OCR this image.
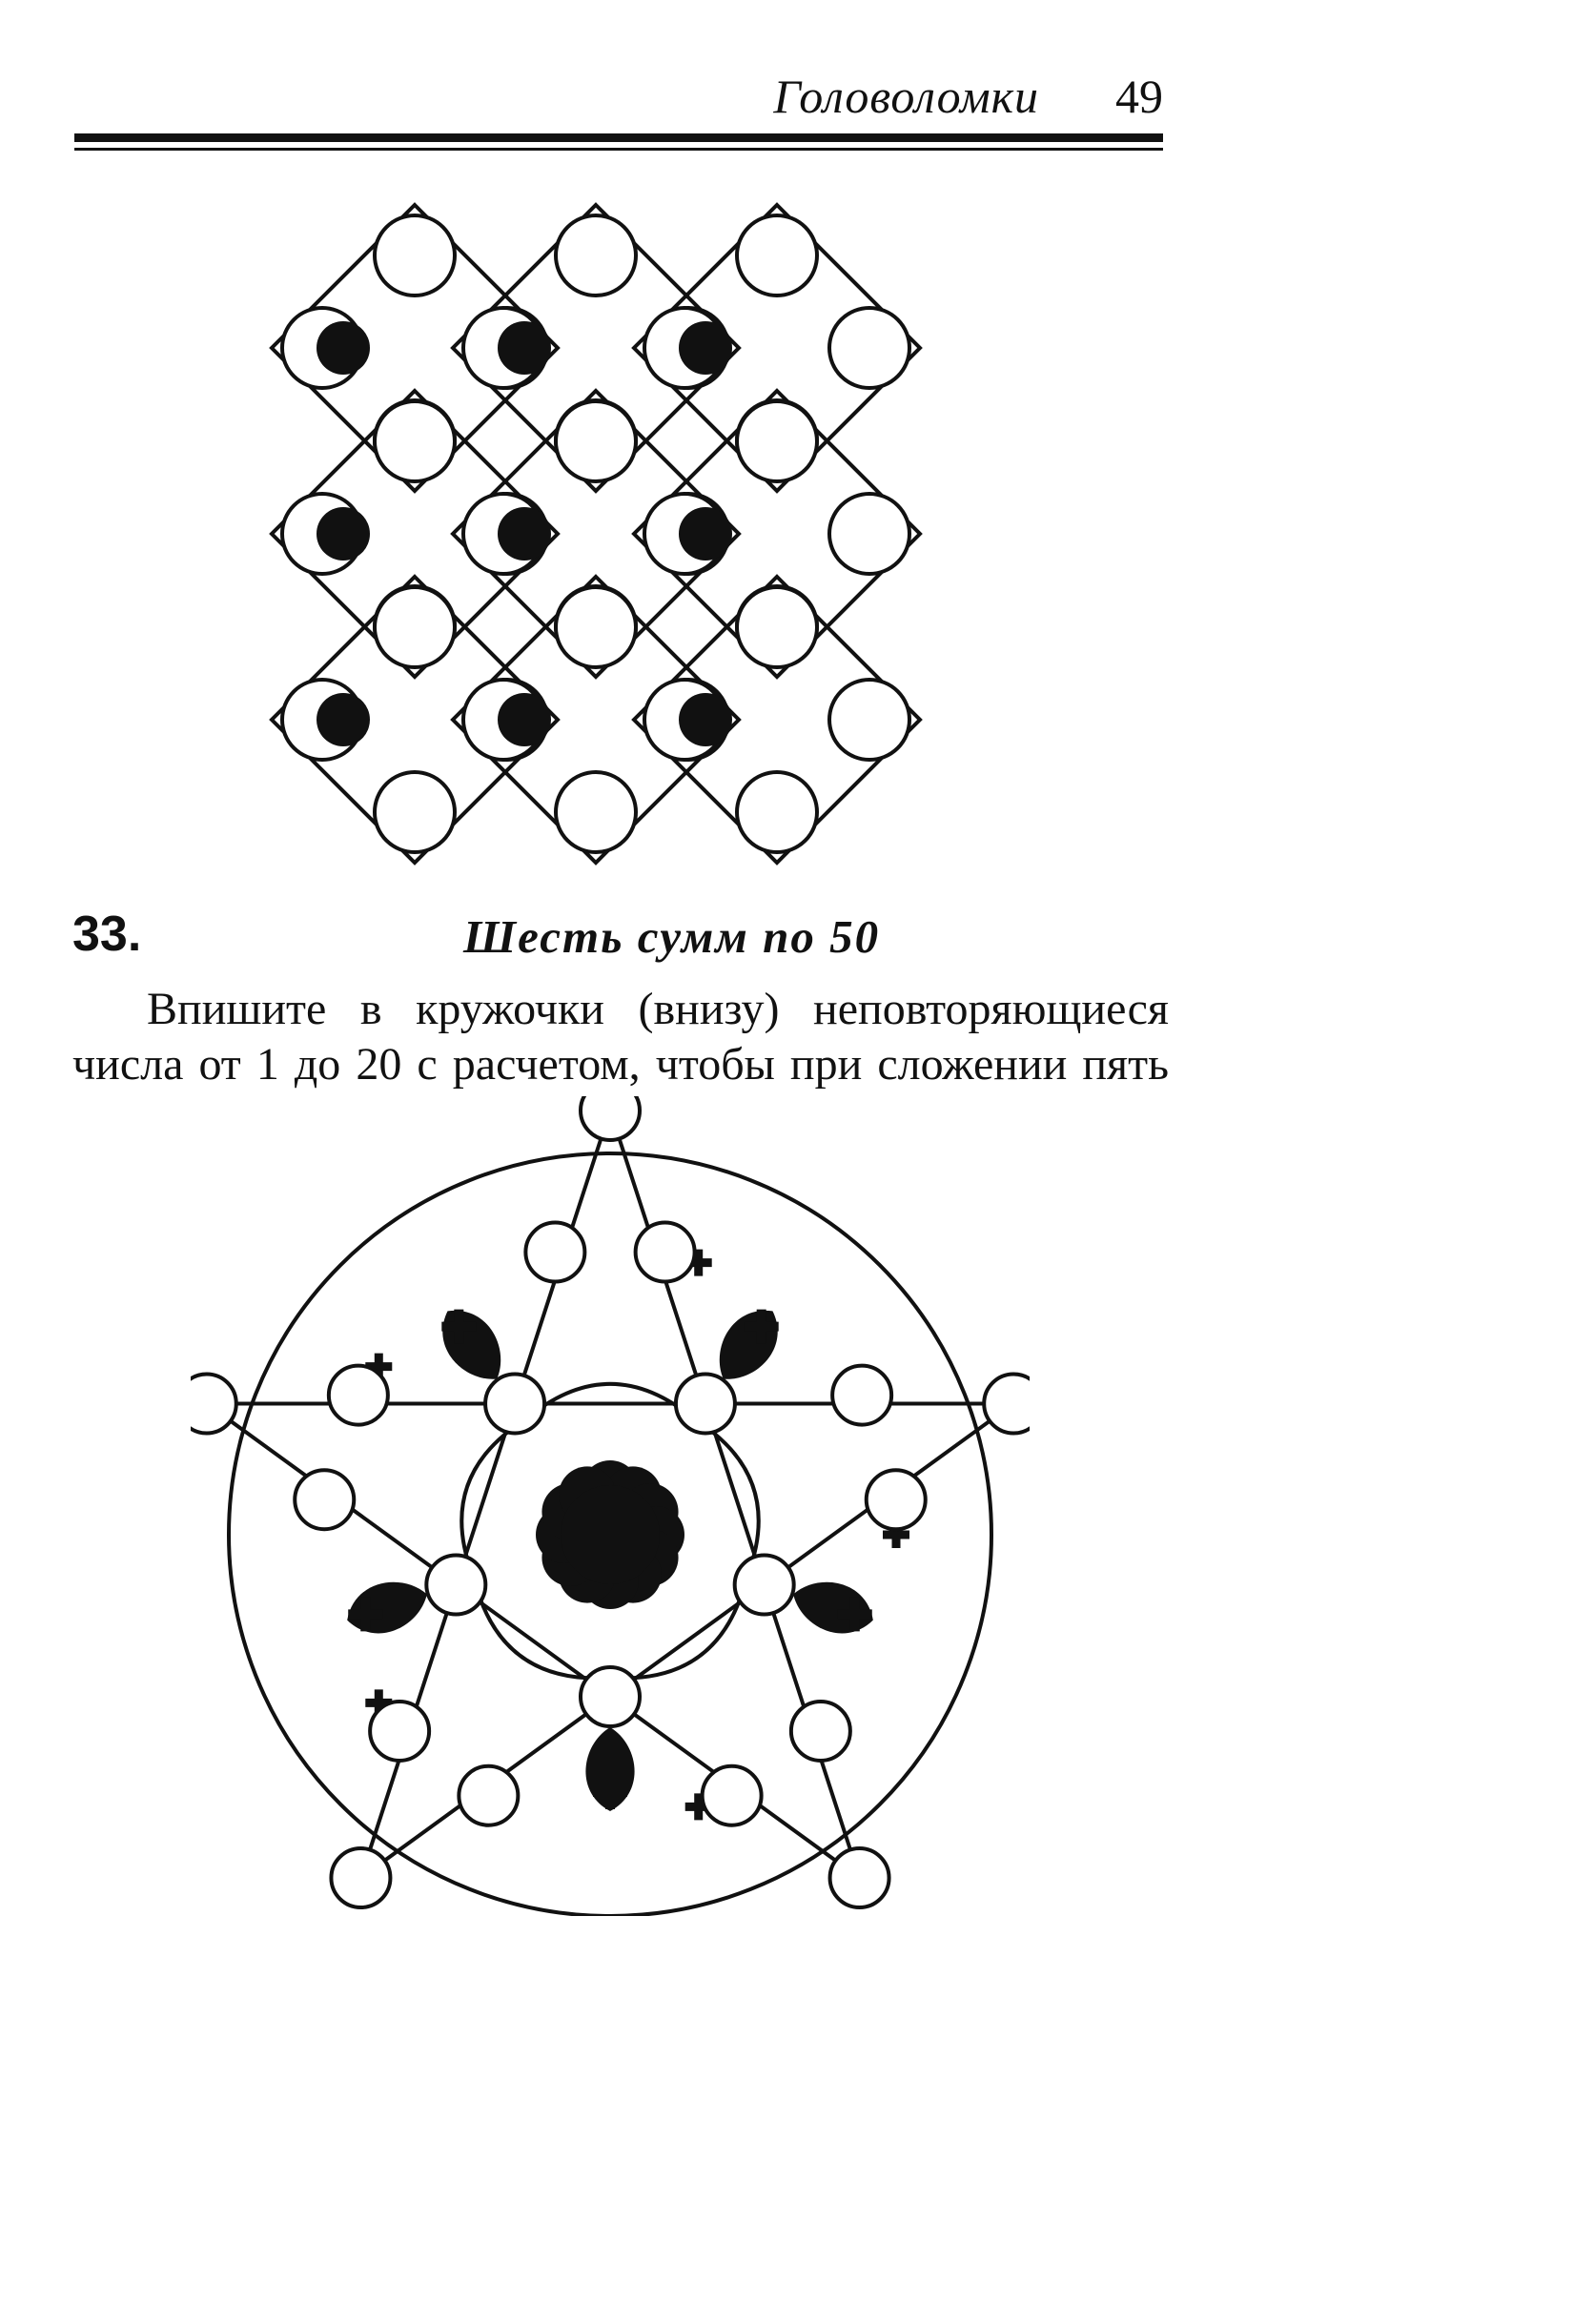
Головоломки 49
33.	Шесть сумм по 50

Впишите в кружочки (внизу) неповторяющиеся числа от 1 до 20 с расчетом, чтобы при сложении пять
